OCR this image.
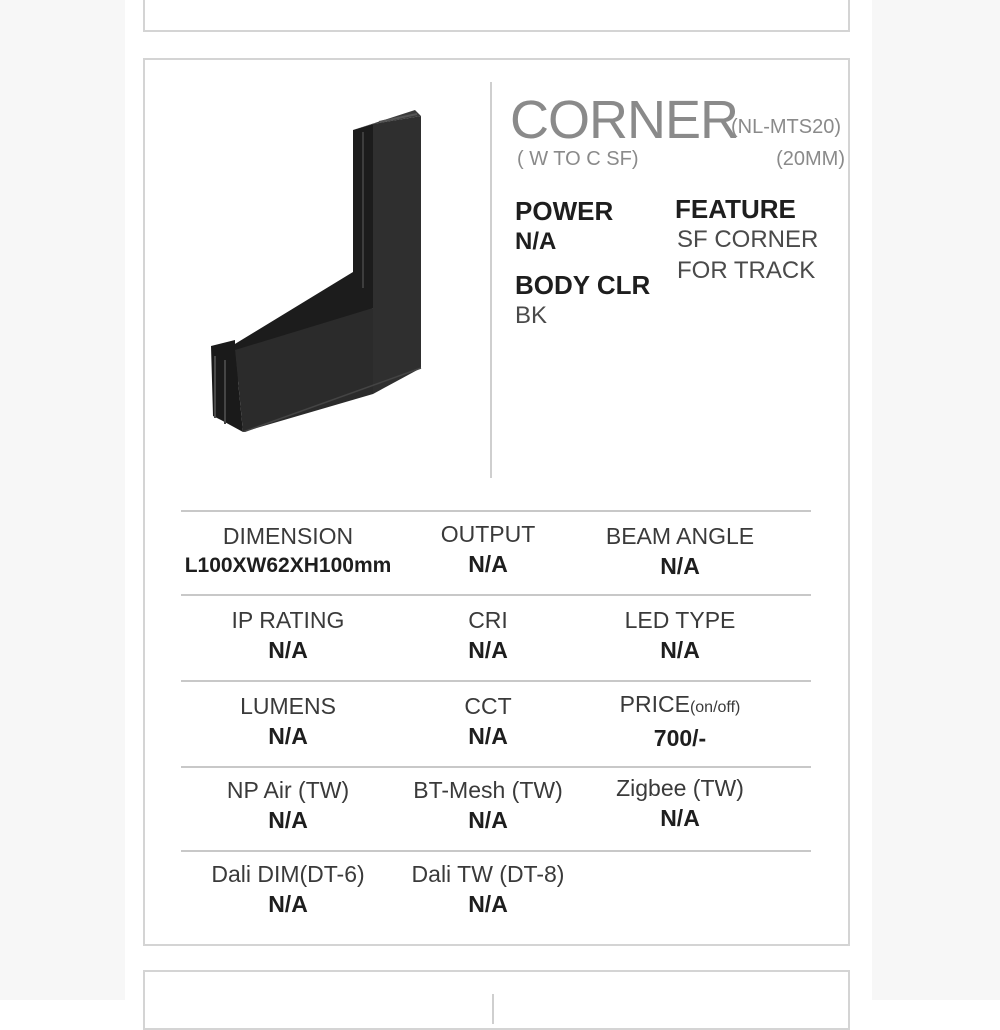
CORNER
(NL-MTS20)
( W TO C SF)	(20MM)
POWER
N/A
FEATURE
SF CORNER
FOR TRACK
BODY CLR
BK
DIMENSION
L100XW62XH100mm
OUTPUT
N/A
BEAM ANGLE
N/A
IP RATING
N/A
CRI
N/A
LED TYPE
N/A
LUMENS
N/A
CCT
N/A
PRICE(on/off)
700/-
NP Air (TW)
N/A
BT-Mesh (TW)
N/A
Zigbee (TW)
N/A
Dali DIM(DT-6)
N/A
Dali TW (DT-8)
N/A
